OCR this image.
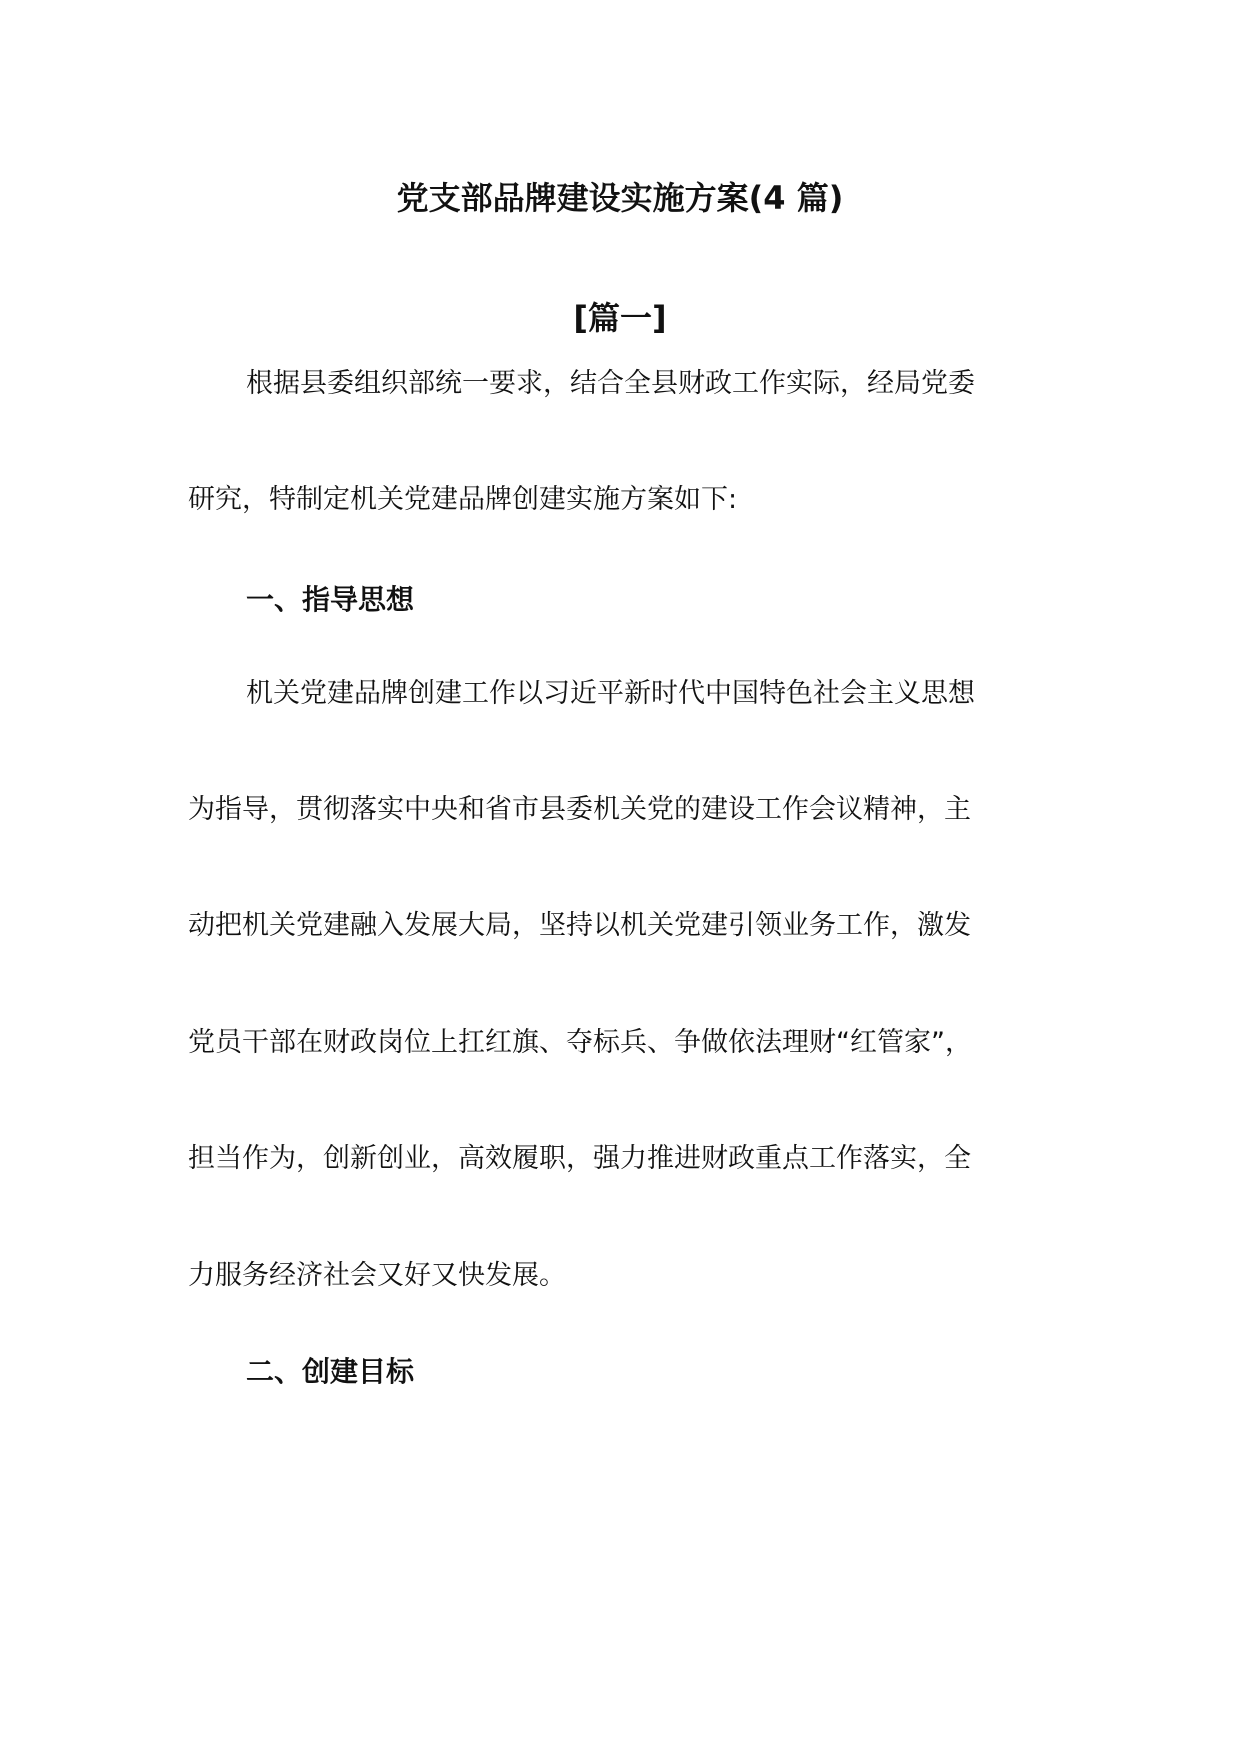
党支部品牌建设实施方案(4 篇)
[篇一]
根据县委组织部统一要求，结合全县财政工作实际，经局党委
研究，特制定机关党建品牌创建实施方案如下:
一、指导思想
机关党建品牌创建工作以习近平新时代中国特色社会主义思想
为指导，贯彻落实中央和省市县委机关党的建设工作会议精神，主
动把机关党建融入发展大局，坚持以机关党建引领业务工作，激发
党员干部在财政岗位上扛红旗、夺标兵、争做依法理财“红管家”，
担当作为，创新创业，高效履职，强力推进财政重点工作落实，全
力服务经济社会又好又快发展。
二、创建目标
